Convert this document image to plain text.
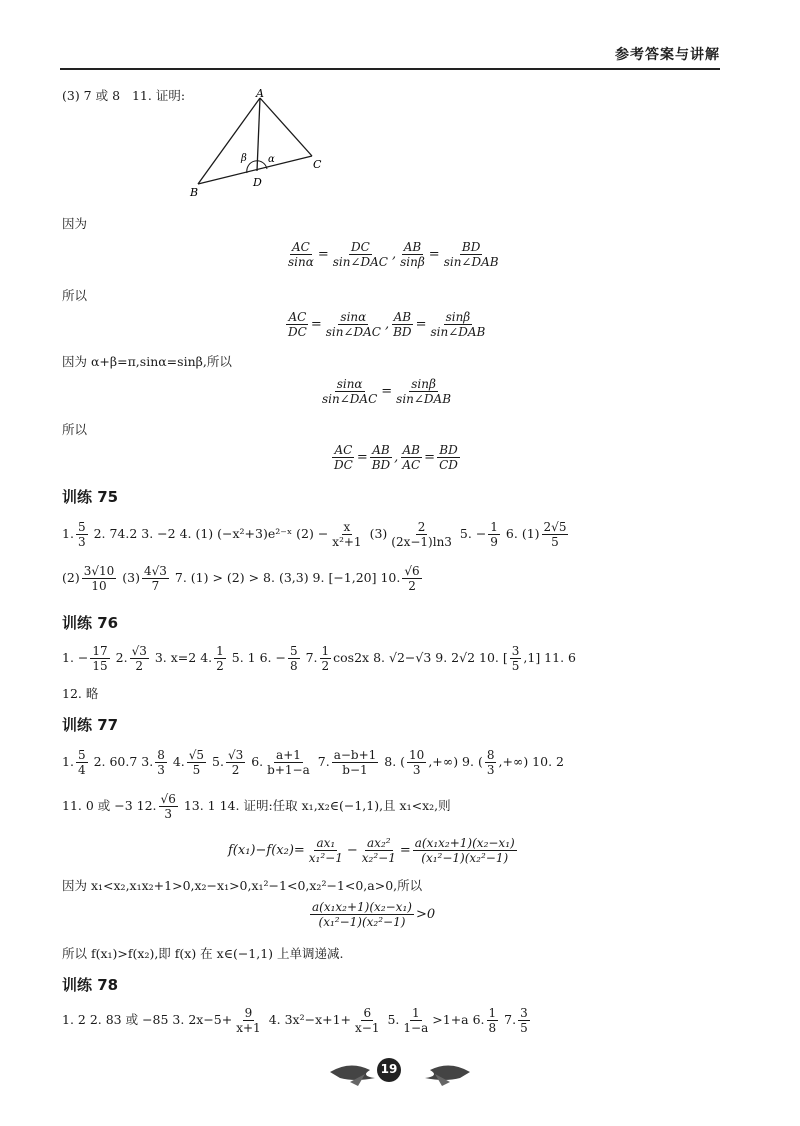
参考答案与讲解
(3) 7 或 8 11. 证明:	A
B
C
D
α
β
因为
$\frac{AC}{\sin\alpha} = \frac{DC}{\text{sin∠DAC}}$ , $\frac{AB}{\sin\beta} = \frac{BD}{\text{sin∠DAB}}$
所以
$\frac{AC}{DC} = \frac{\sin\alpha}{\text{sin∠DAC}}$ , $\frac{AB}{BD} = \frac{\sin\beta}{\text{sin∠DAB}}$
因为 α+β=π,sinα=sinβ,所以
$\frac{\sin\alpha}{\text{sin∠DAC}} = \frac{\sin\beta}{\text{sin∠DAB}}$
所以
$\frac{AC}{DC} = \frac{AB}{BD}$ , $\frac{AB}{AC} = \frac{BD}{CD}$
训练 75
1. $\frac{5}{3} 2$. 74.2 3. −2 4. (1) (−x²+3)e²⁻ˣ $(2) - \frac{x}{\text{x²+1}} (3) \frac{2}{(2x-1)\ln 3} 5$. − $\frac{1}{9} 6$. $(1) \frac{2√5}{5}$
$(2) \frac{3√10}{10} (3) \frac{4√3}{7} 7$. (1) > (2) > 8. (3,3) 9. [−1,20] 10. $\frac{√6}{2}$
训练 76
1. − $\frac{17}{15} 2$. $\frac{√3}{2} 3$. x=2 4. $\frac{1}{2} 5$. 1 6. − $\frac{5}{8} 7$. $\frac{1}{2} \cos 2x$ 8. √2−√3 9. 2√2 10. [ $\frac{3}{5} ,1$] 11. 6
12. 略
训练 77
1. $\frac{5}{4} 2$. 60.7 3. $\frac{8}{3} 4$. $\frac{√5}{5} 5$. $\frac{√3}{2} 6$. $\frac{a+1}{b+1-a} 7$. $\frac{a-b+1}{b-1} 8$. ( $\frac{10}{3}$ ,+∞) 9. ( $\frac{8}{3}$ ,+∞) 10. 2
11. 0 或 −3 12. $\frac{√6}{3} 13$. 1 14. 证明:任取 x₁,x₂∈(−1,1),且 x₁<x₂,则
$f(x_1)-f(x_2)= \frac{\text{ax₁}}{\text{x₁²−1}} - \frac{\text{ax₂²}}{\text{x₂²−1}} = \frac{\text{a(x₁x₂+1)(x₂−x₁)}}{\text{(x₁²−1)(x₂²−1)}}$
因为 x₁<x₂,x₁x₂+1>0,x₂−x₁>0,x₁²−1<0,x₂²−1<0,a>0,所以
$\frac{\text{a(x₁x₂+1)(x₂−x₁)}}{\text{(x₁²−1)(x₂²−1)}} >0$
所以 f(x₁)>f(x₂),即 f(x) 在 x∈(−1,1) 上单调递减.
训练 78
1. 2 2. 83 或 −85 3. $2x-5+ \frac{9}{x+1} 4$. $3x^2-x+1+ \frac{6}{x-1} 5$. $\frac{1}{1-a} >1+a$ 6. $\frac{1}{8} 7$. $\frac{3}{5}$
19
